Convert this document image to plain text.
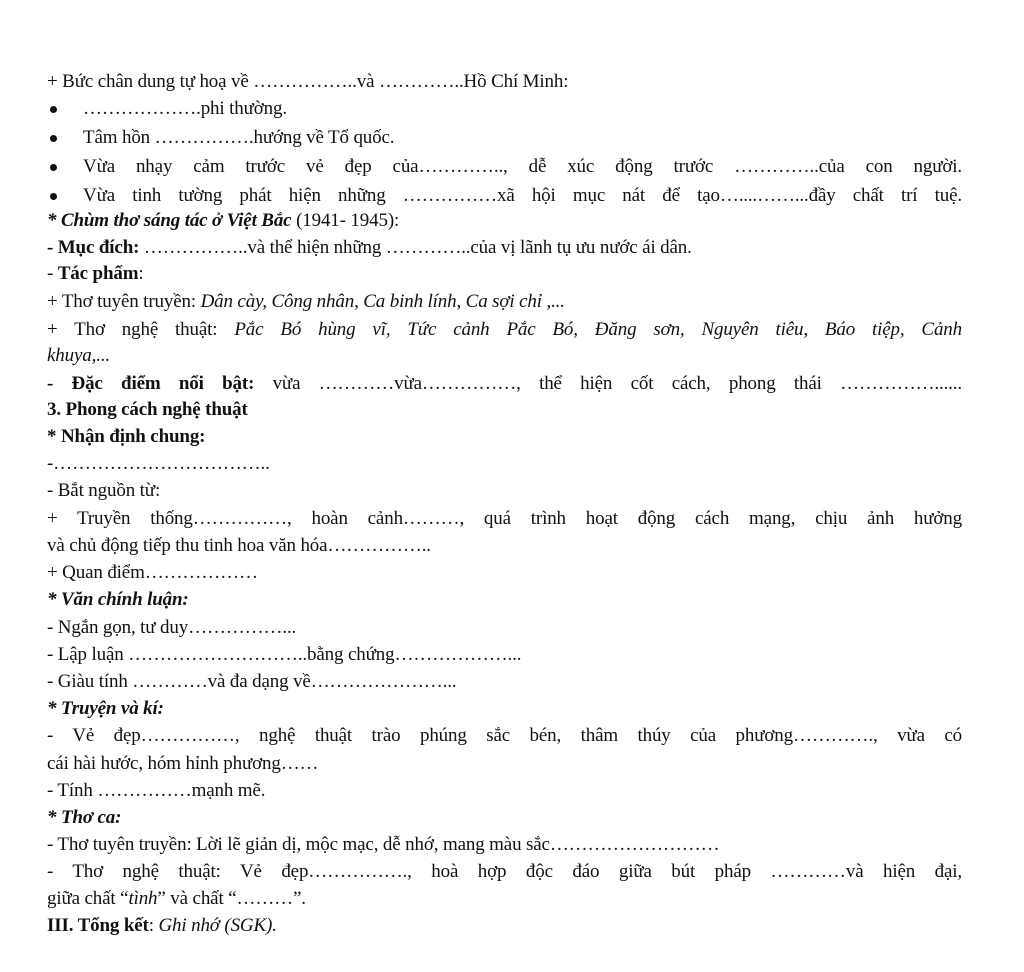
+ Bức chân dung tự hoạ về ……………..và …………..Hồ Chí Minh:
……………….phi thường.
Tâm hồn …………….hướng về Tổ quốc.
Vừa nhạy cảm trước vẻ đẹp của………….., dễ xúc động trước …………..của con người.
Vừa tinh tường phát hiện những ……………xã hội mục nát để tạo…....……...đầy chất trí tuệ.
* Chùm thơ sáng tác ở Việt Bắc (1941- 1945):
- Mục đích: ……………..và thể hiện những …………..của vị lãnh tụ ưu nước ái dân.
- Tác phẩm:
+ Thơ tuyên truyền: Dân cày, Công nhân, Ca binh lính, Ca sợi chỉ ,...
+ Thơ nghệ thuật: Pắc Bó hùng vĩ, Tức cảnh Pắc Bó, Đăng sơn, Nguyên tiêu, Báo tiệp, Cảnh
khuya,...
- Đặc điểm nổi bật: vừa …………vừa……………, thể hiện cốt cách, phong thái ……………......
3. Phong cách nghệ thuật
* Nhận định chung:
-……………………………..
- Bắt nguồn từ:
+ Truyền thống……………, hoàn cảnh………, quá trình hoạt động cách mạng, chịu ảnh hưởng
và chủ động tiếp thu tinh hoa văn hóa……………..
+ Quan điểm………………
* Văn chính luận:
- Ngắn gọn, tư duy……………...
- Lập luận ………………………..bằng chứng………………...
- Giàu tính …………và đa dạng về…………………...
* Truyện và kí:
- Vẻ đẹp……………, nghệ thuật trào phúng sắc bén, thâm thúy của phương…………., vừa có
cái hài hước, hóm hỉnh phương……
- Tính ……………mạnh mẽ.
* Thơ ca:
- Thơ tuyên truyền: Lời lẽ giản dị, mộc mạc, dễ nhớ, mang màu sắc………………………
- Thơ nghệ thuật: Vẻ đẹp……………., hoà hợp độc đáo giữa bút pháp …………và hiện đại,
giữa chất “tình” và chất “………”.
III. Tổng kết: Ghi nhớ (SGK).
